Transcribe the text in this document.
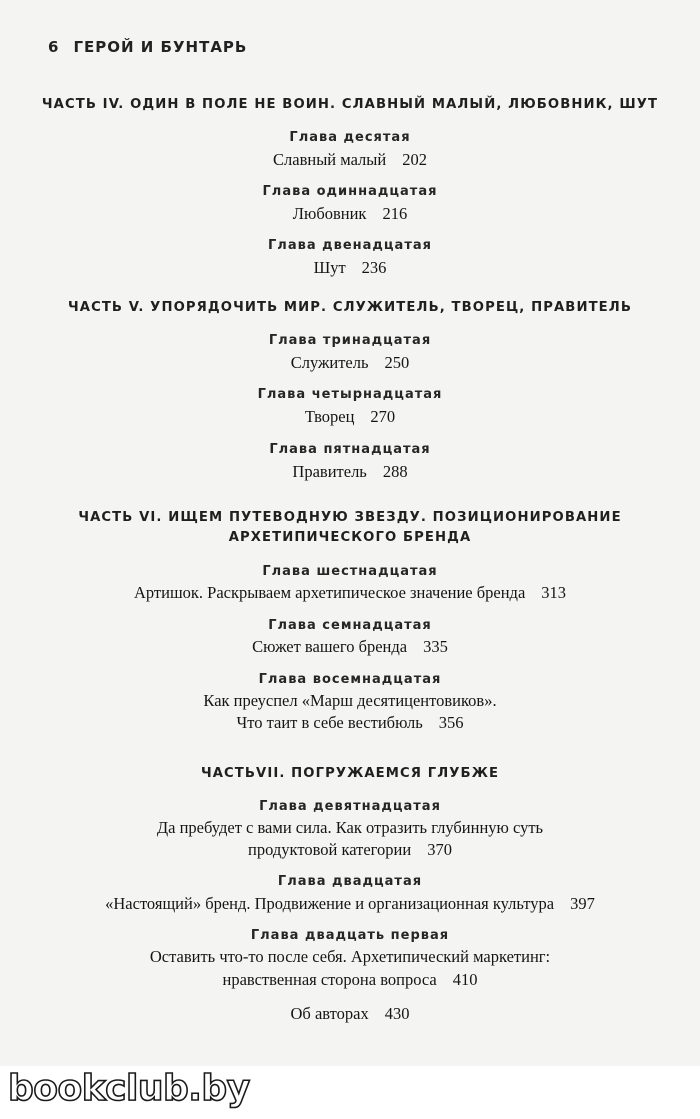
6 ГЕРОЙ И БУНТАРЬ
ЧАСТЬ IV. ОДИН В ПОЛЕ НЕ ВОИН. СЛАВНЫЙ МАЛЫЙ, ЛЮБОВНИК, ШУТ
Глава десятая
Славный малый 202
Глава одиннадцатая
Любовник 216
Глава двенадцатая
Шут 236
ЧАСТЬ V. УПОРЯДОЧИТЬ МИР. СЛУЖИТЕЛЬ, ТВОРЕЦ, ПРАВИТЕЛЬ
Глава тринадцатая
Служитель 250
Глава четырнадцатая
Творец 270
Глава пятнадцатая
Правитель 288
ЧАСТЬ VI. ИЩЕМ ПУТЕВОДНУЮ ЗВЕЗДУ. ПОЗИЦИОНИРОВАНИЕ
АРХЕТИПИЧЕСКОГО БРЕНДА
Глава шестнадцатая
Артишок. Раскрываем архетипическое значение бренда 313
Глава семнадцатая
Сюжет вашего бренда 335
Глава восемнадцатая
Как преуспел «Марш десятицентовиков».
Что таит в себе вестибюль 356
ЧАСТЬVII. ПОГРУЖАЕМСЯ ГЛУБЖЕ
Глава девятнадцатая
Да пребудет с вами сила. Как отразить глубинную суть
продуктовой категории 370
Глава двадцатая
«Настоящий» бренд. Продвижение и организационная культура 397
Глава двадцать первая
Оставить что-то после себя. Архетипический маркетинг:
нравственная сторона вопроса 410
Об авторах 430
bookclub.by
